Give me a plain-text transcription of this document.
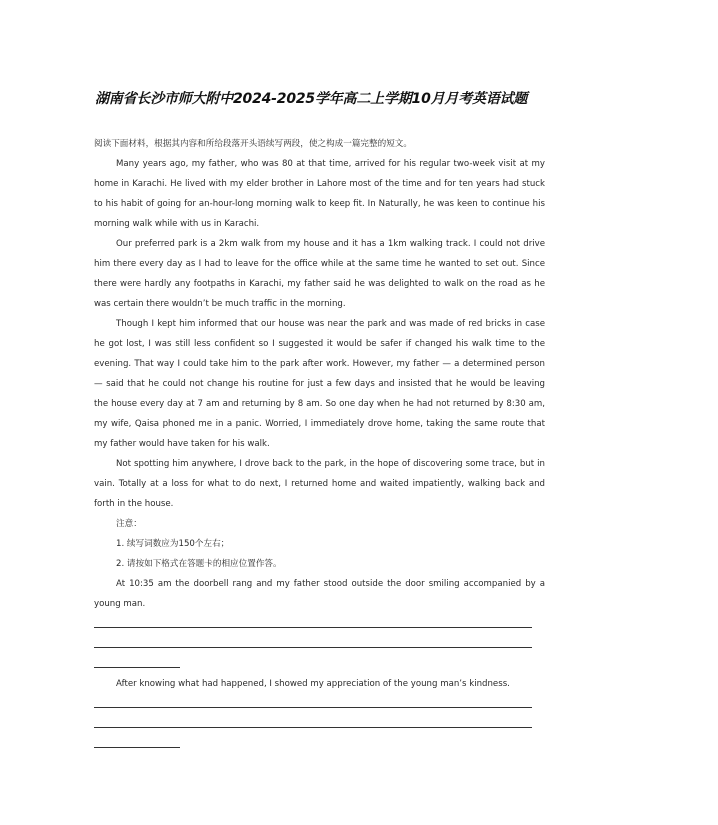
湖南省长沙市师大附中2024-2025学年高二上学期10月月考英语试题

阅读下面材料，根据其内容和所给段落开头语续写两段，使之构成一篇完整的短文。

Many years ago, my father, who was 80 at that time, arrived for his regular two-week visit at my home in Karachi. He lived with my elder brother in Lahore most of the time and for ten years had stuck to his habit of going for an-hour-long morning walk to keep fit. In Naturally, he was keen to continue his morning walk while with us in Karachi.

Our preferred park is a 2km walk from my house and it has a 1km walking track. I could not drive him there every day as I had to leave for the office while at the same time he wanted to set out. Since there were hardly any footpaths in Karachi, my father said he was delighted to walk on the road as he was certain there wouldn’t be much traffic in the morning.

Though I kept him informed that our house was near the park and was made of red bricks in case he got lost, I was still less confident so I suggested it would be safer if changed his walk time to the evening. That way I could take him to the park after work. However, my father — a determined person — said that he could not change his routine for just a few days and insisted that he would be leaving the house every day at 7 am and returning by 8 am. So one day when he had not returned by 8:30 am, my wife, Qaisa phoned me in a panic. Worried, I immediately drove home, taking the same route that my father would have taken for his walk.

Not spotting him anywhere, I drove back to the park, in the hope of discovering some trace, but in vain. Totally at a loss for what to do next, I returned home and waited impatiently, walking back and forth in the house.

注意：

1. 续写词数应为150个左右；

2. 请按如下格式在答题卡的相应位置作答。

At 10:35 am the doorbell rang and my father stood outside the door smiling accompanied by a young man.

After knowing what had happened, I showed my appreciation of the young man’s kindness.
